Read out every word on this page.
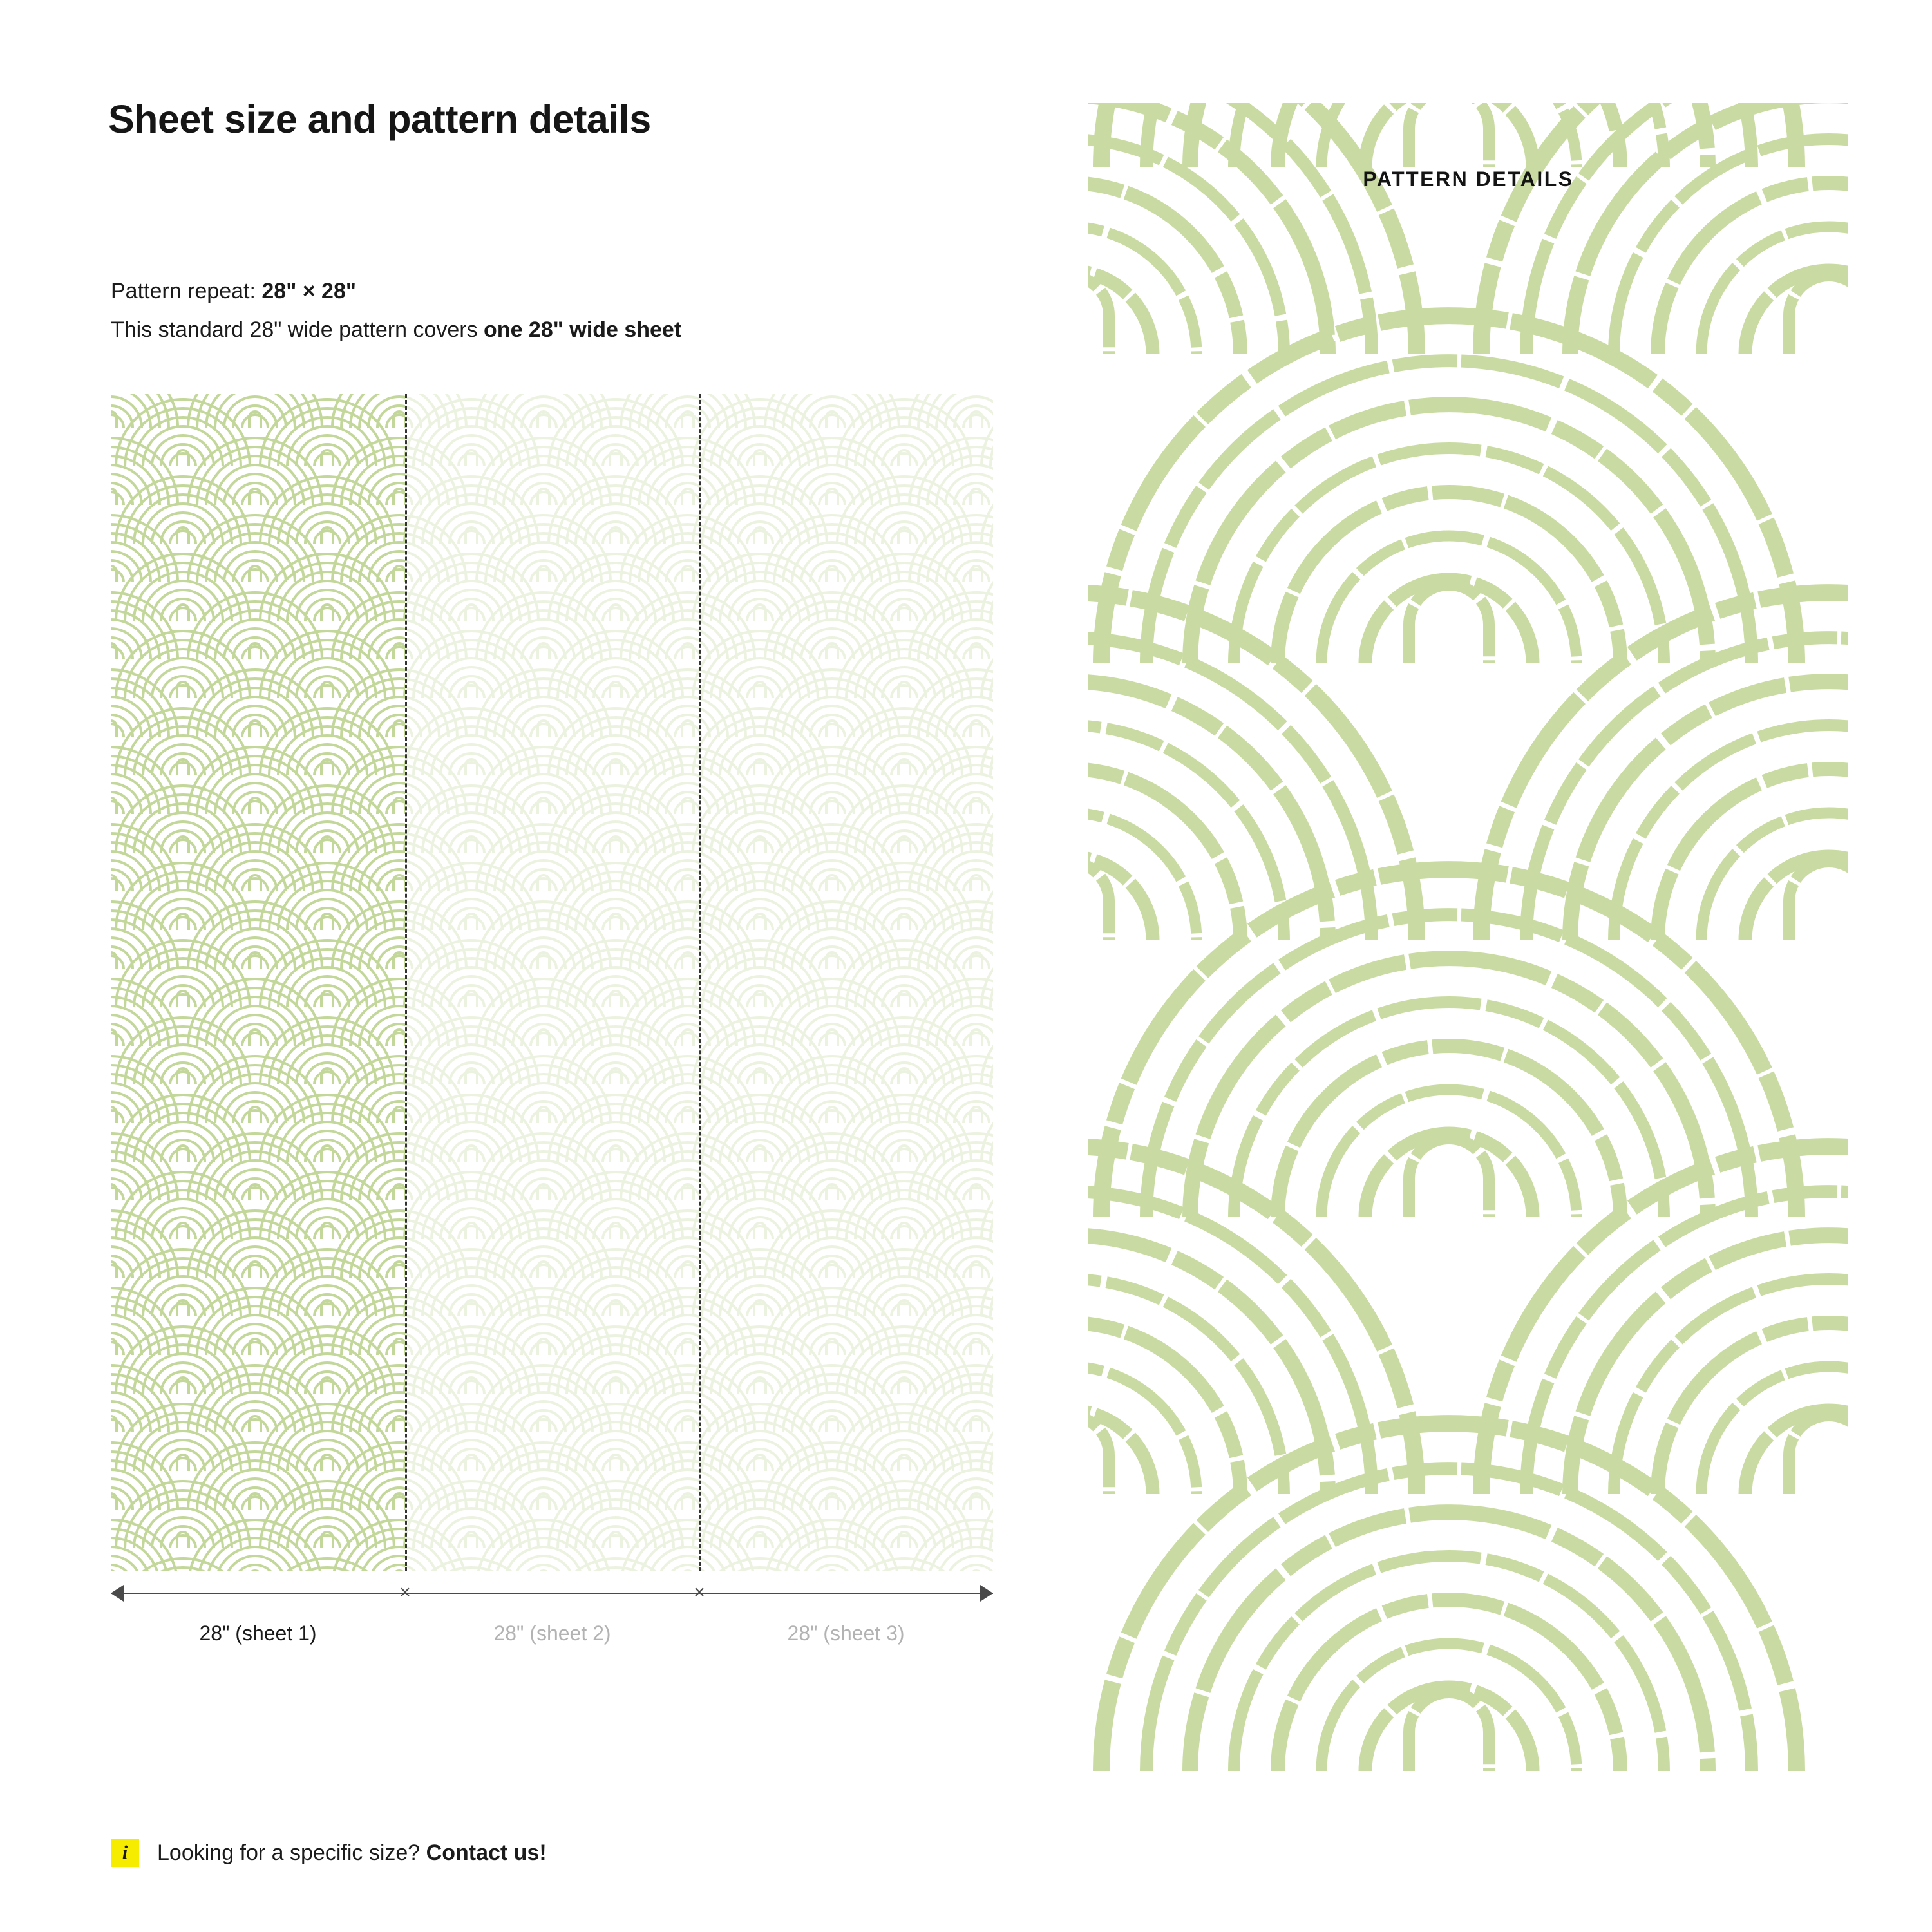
Sheet size and pattern details
Pattern repeat: 28" × 28"
This standard 28" wide pattern covers one 28" wide sheet
×	×
28" (sheet 1)	28" (sheet 2)	28" (sheet 3)
i	Looking for a specific size? Contact us!
PATTERN DETAILS
